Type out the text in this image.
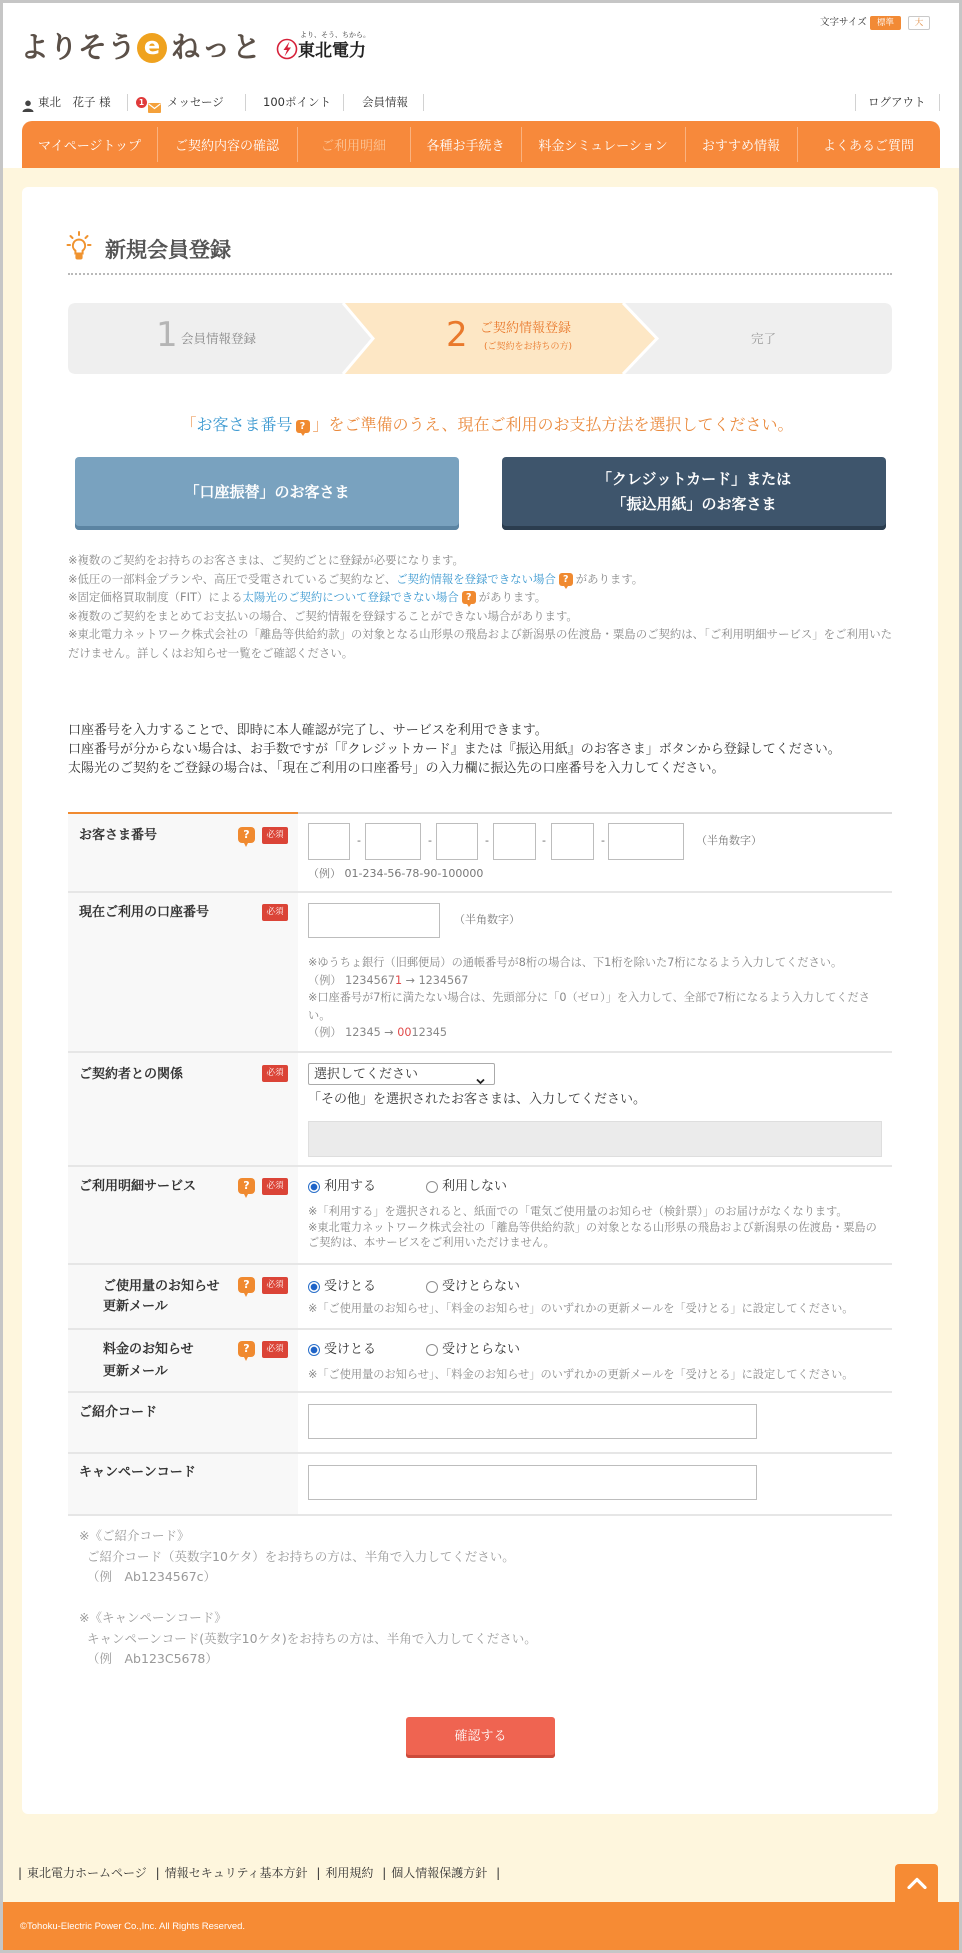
よりそう e ねっと	より、そう、ちから。
東北電力
文字サイズ	標準	大
東北　花子 様	1 メッセージ	100ポイント	会員情報	ログアウト
マイページトップ	ご契約内容の確認	ご利用明細	各種お手続き	料金シミュレーション	おすすめ情報	よくあるご質問
新規会員登録
1 会員情報登録	2 ご契約情報登録
(ご契約をお持ちの方)
完了
「お客さま番号 ? 」をご準備のうえ、現在ご利用のお支払方法を選択してください。
「口座振替」のお客さま
「クレジットカード」または
「振込用紙」のお客さま
※複数のご契約をお持ちのお客さまは、ご契約ごとに登録が必要になります。
※低圧の一部料金プランや、高圧で受電されているご契約など、ご契約情報を登録できない場合 ? があります。
※固定価格買取制度（FIT）による太陽光のご契約について登録できない場合 ? があります。
※複数のご契約をまとめてお支払いの場合、ご契約情報を登録することができない場合があります。
※東北電力ネットワーク株式会社の「離島等供給約款」の対象となる山形県の飛島および新潟県の佐渡島・粟島のご契約は、「ご利用明細サービス」をご利用いただけません。詳しくはお知らせ一覧をご確認ください。
口座番号を入力することで、即時に本人確認が完了し、サービスを利用できます。
口座番号が分からない場合は、お手数ですが「『クレジットカード』または『振込用紙』のお客さま」ボタンから登録してください。
太陽光のご契約をご登録の場合は、「現在ご利用の口座番号」の入力欄に振込先の口座番号を入力してください。
お客さま番号	?	必須	-	-	-	-	-	（半角数字）
（例） 01-234-56-78-90-100000
現在ご利用の口座番号	必須
（半角数字）
※ゆうちょ銀行（旧郵便局）の通帳番号が8桁の場合は、下1桁を除いた7桁になるよう入力してください。
（例） 12345671 → 1234567
※口座番号が7桁に満たない場合は、先頭部分に「0（ゼロ）」を入力して、全部で7桁になるよう入力してください。
（例） 12345 → 0012345
ご契約者との関係	必須
選択してください
「その他」を選択されたお客さまは、入力してください。
ご利用明細サービス	?	必須	利用する	利用しない
※「利用する」を選択されると、紙面での「電気ご使用量のお知らせ（検針票）」のお届けがなくなります。
※東北電力ネットワーク株式会社の「離島等供給約款」の対象となる山形県の飛島および新潟県の佐渡島・粟島のご契約は、本サービスをご利用いただけません。
ご使用量のお知らせ
更新メール
?	必須	受けとる	受けとらない
※「ご使用量のお知らせ」、「料金のお知らせ」のいずれかの更新メールを「受けとる」に設定してください。
料金のお知らせ
更新メール
?	必須	受けとる	受けとらない
※「ご使用量のお知らせ」、「料金のお知らせ」のいずれかの更新メールを「受けとる」に設定してください。
ご紹介コード
キャンペーンコード
※《ご紹介コード》
ご紹介コード（英数字10ケタ）をお持ちの方は、半角で入力してください。
（例　Ab1234567c）
※《キャンペーンコード》
キャンペーンコード(英数字10ケタ)をお持ちの方は、半角で入力してください。
（例　Ab123C5678）
確認する
| 東北電力ホームページ | 情報セキュリティ基本方針 | 利用規約 | 個人情報保護方針 |
©Tohoku-Electric Power Co.,Inc. All Rights Reserved.
